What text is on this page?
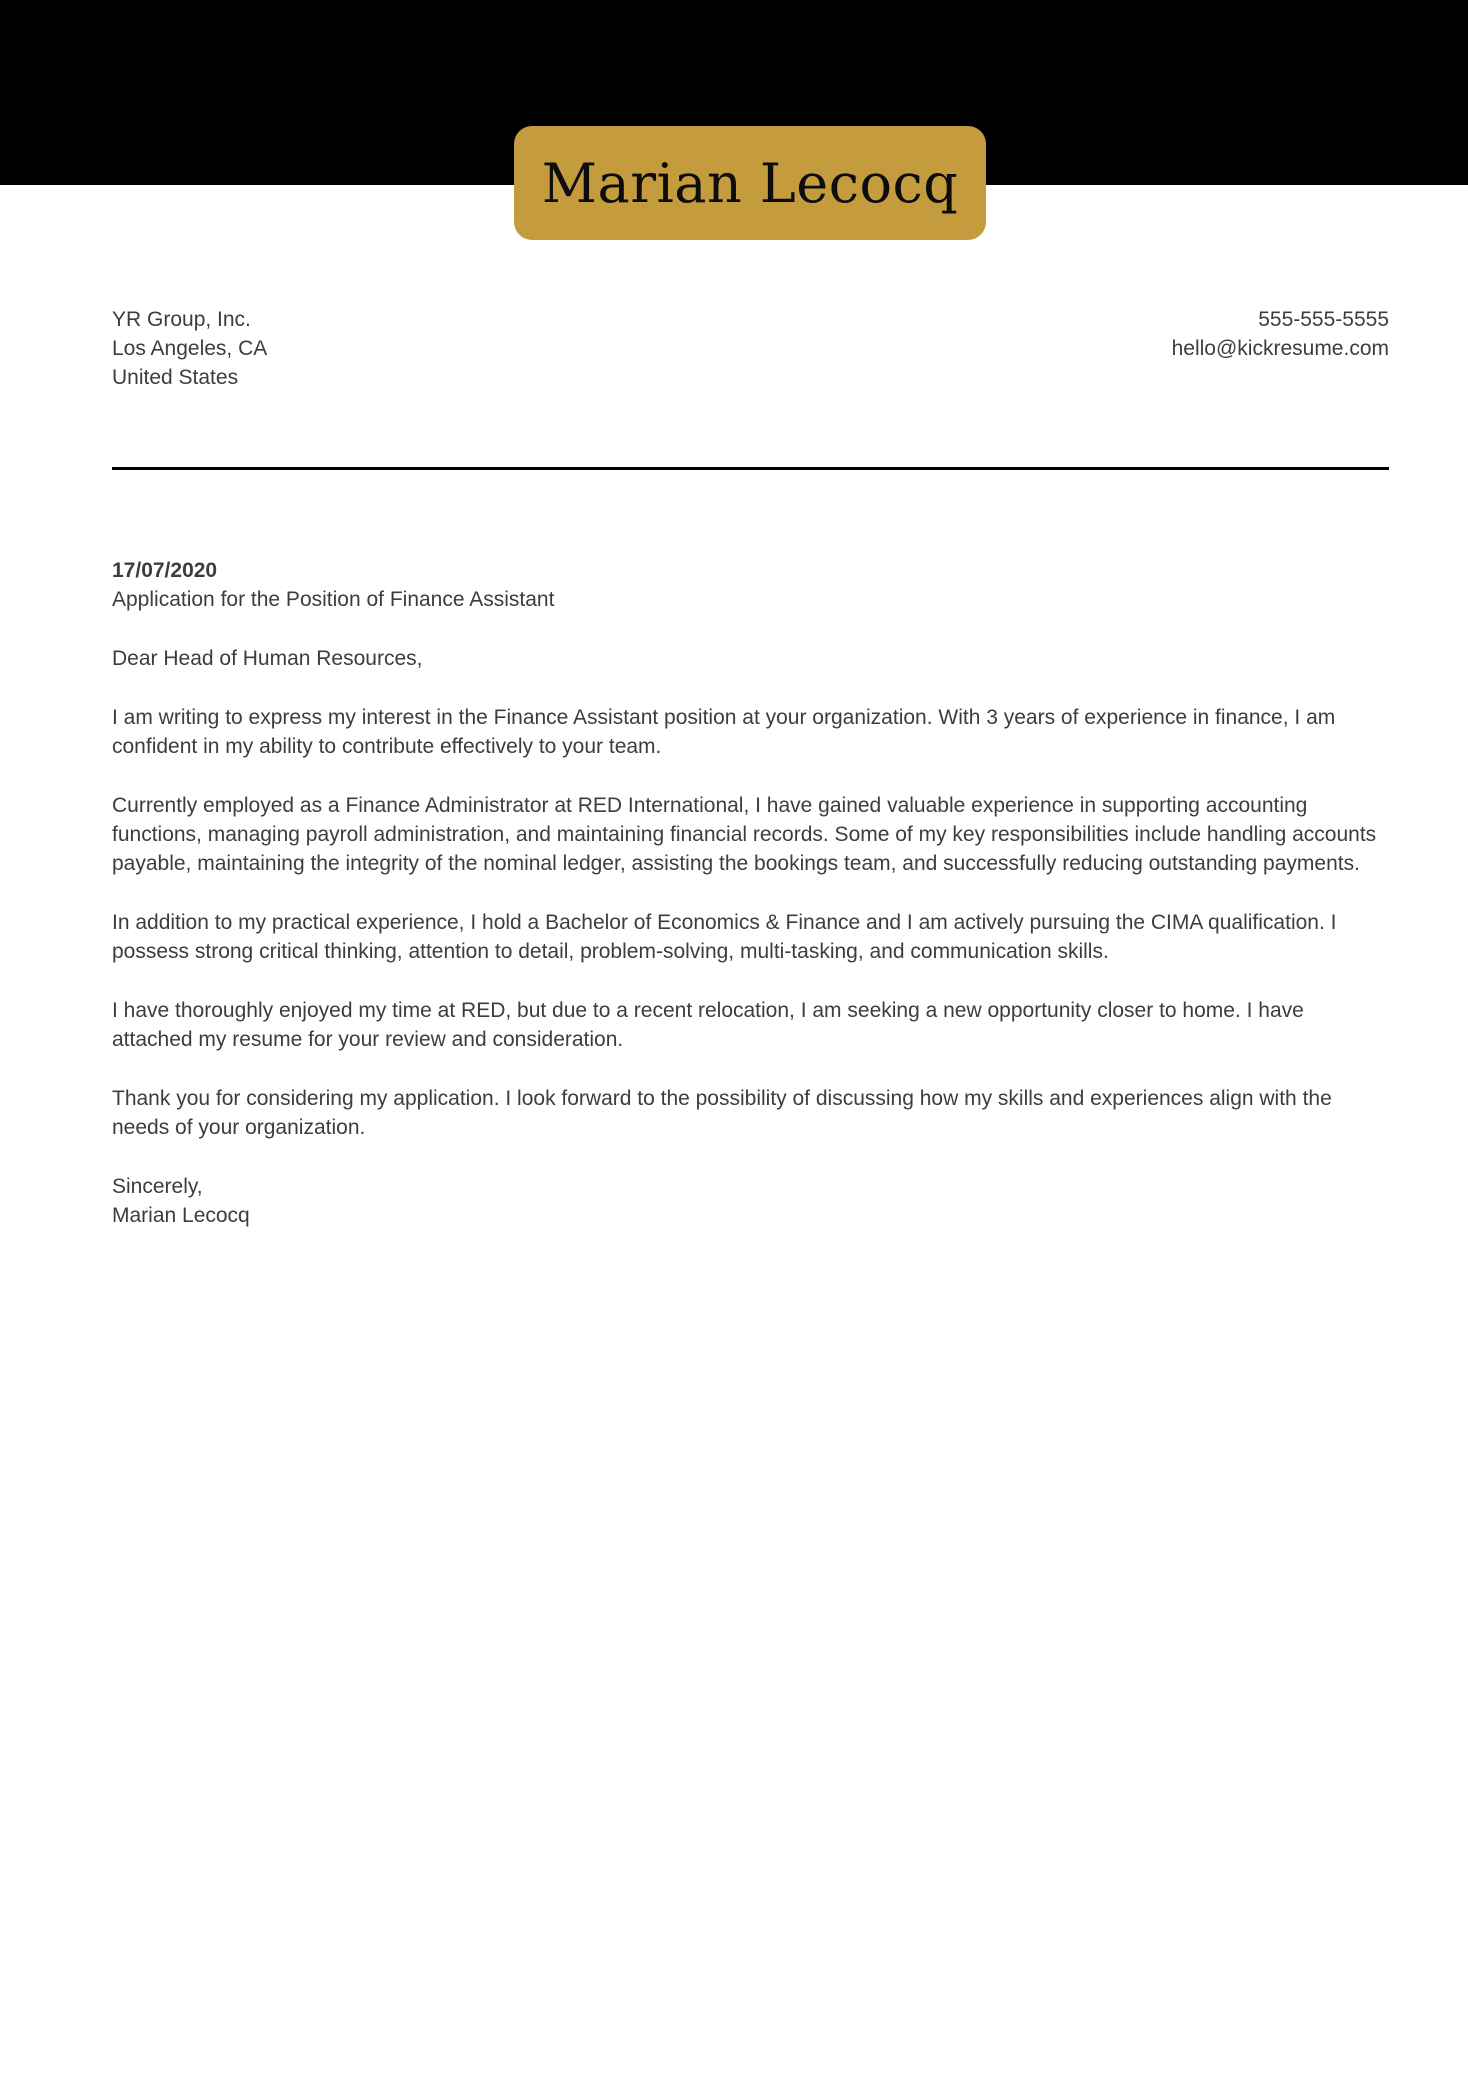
Marian Lecocq
YR Group, Inc.
Los Angeles, CA
United States
555-555-5555
hello@kickresume.com

17/07/2020
Application for the Position of Finance Assistant

Dear Head of Human Resources,

I am writing to express my interest in the Finance Assistant position at your organization. With 3 years of experience in finance, I am confident in my ability to contribute effectively to your team.

Currently employed as a Finance Administrator at RED International, I have gained valuable experience in supporting accounting functions, managing payroll administration, and maintaining financial records. Some of my key responsibilities include handling accounts payable, maintaining the integrity of the nominal ledger, assisting the bookings team, and successfully reducing outstanding payments.

In addition to my practical experience, I hold a Bachelor of Economics & Finance and I am actively pursuing the CIMA qualification. I possess strong critical thinking, attention to detail, problem-solving, multi-tasking, and communication skills.

I have thoroughly enjoyed my time at RED, but due to a recent relocation, I am seeking a new opportunity closer to home. I have attached my resume for your review and consideration.

Thank you for considering my application. I look forward to the possibility of discussing how my skills and experiences align with the needs of your organization.

Sincerely,
Marian Lecocq
